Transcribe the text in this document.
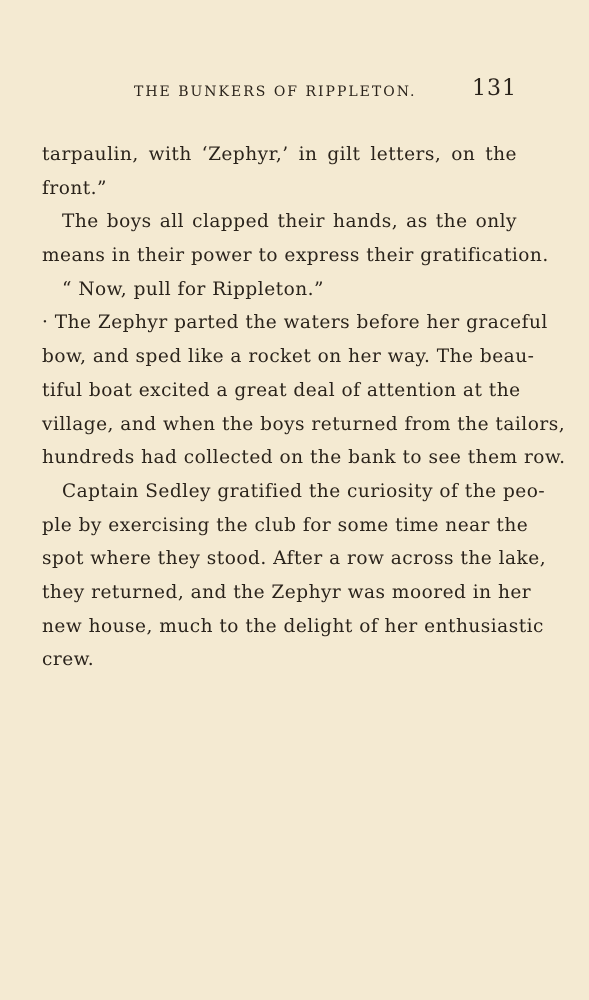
THE BUNKERS OF RIPPLETON.	131
tarpaulin, with ‘Zephyr,’ in gilt letters, on the
front.”
The boys all clapped their hands, as the only
means in their power to express their gratification.
“ Now, pull for Rippleton.”
· The Zephyr parted the waters before her graceful
bow, and sped like a rocket on her way. The beau-
tiful boat excited a great deal of attention at the
village, and when the boys returned from the tailors,
hundreds had collected on the bank to see them row.
Captain Sedley gratified the curiosity of the peo-
ple by exercising the club for some time near the
spot where they stood. After a row across the lake,
they returned, and the Zephyr was moored in her
new house, much to the delight of her enthusiastic
crew.
